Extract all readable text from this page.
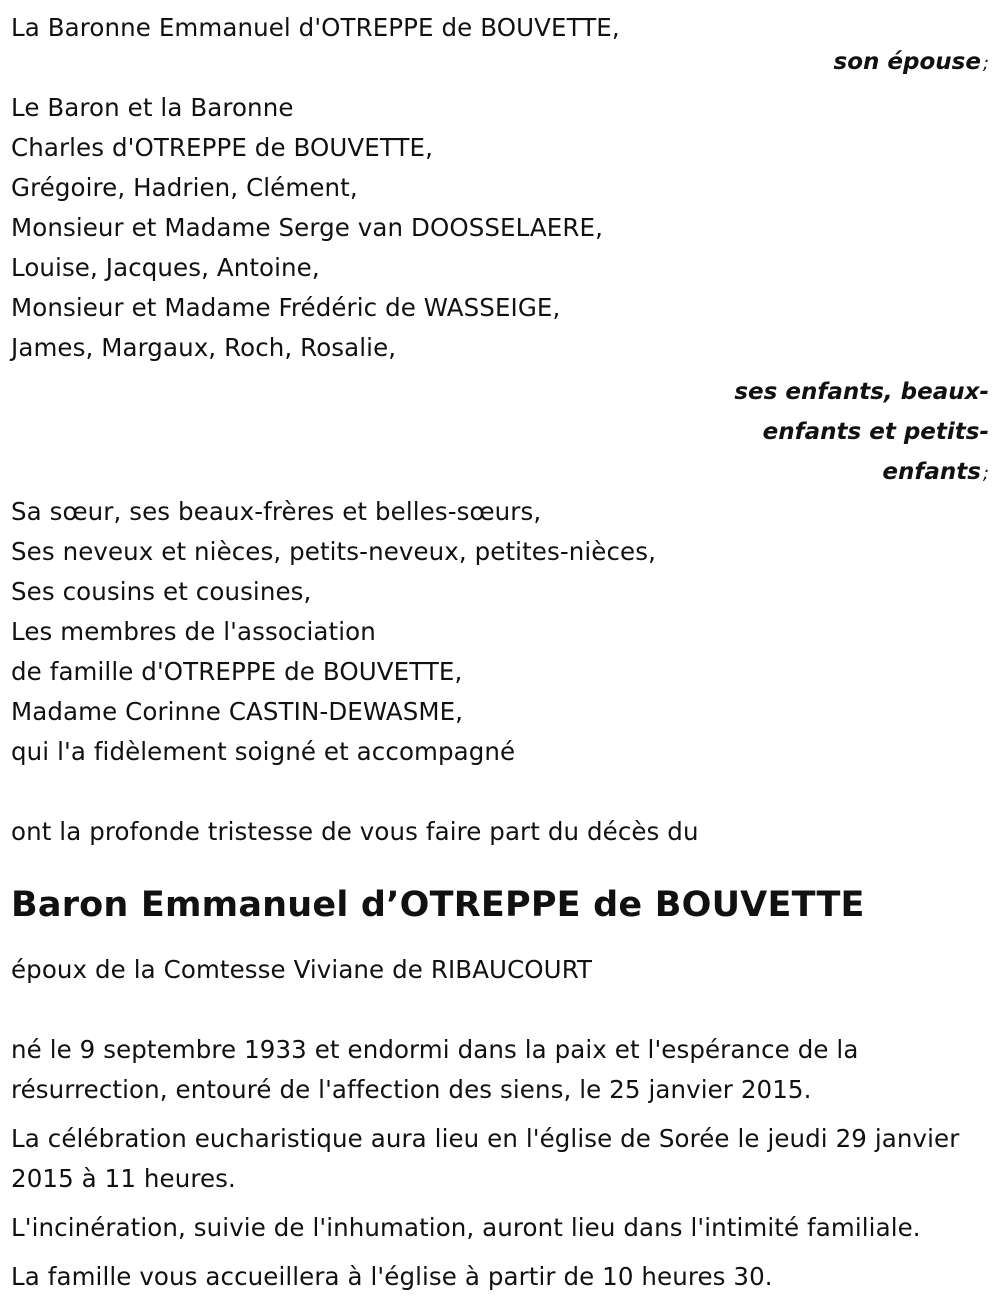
La Baronne Emmanuel d'OTREPPE de BOUVETTE,
son épouse ;
Le Baron et la Baronne
Charles d'OTREPPE de BOUVETTE,
Grégoire, Hadrien, Clément,
Monsieur et Madame Serge van DOOSSELAERE,
Louise, Jacques, Antoine,
Monsieur et Madame Frédéric de WASSEIGE,
James, Margaux, Roch, Rosalie,
ses enfants, beaux-
enfants et petits-
enfants ;
Sa sœur, ses beaux-frères et belles-sœurs,
Ses neveux et nièces, petits-neveux, petites-nièces,
Ses cousins et cousines,
Les membres de l'association
de famille d'OTREPPE de BOUVETTE,
Madame Corinne CASTIN-DEWASME,
qui l'a fidèlement soigné et accompagné
ont la profonde tristesse de vous faire part du décès du
Baron Emmanuel d’OTREPPE de BOUVETTE
époux de la Comtesse Viviane de RIBAUCOURT
né le 9 septembre 1933 et endormi dans la paix et l'espérance de la résurrection, entouré de l'affection des siens, le 25 janvier 2015.
La célébration eucharistique aura lieu en l'église de Sorée le jeudi 29 janvier 2015 à 11 heures.
L'incinération, suivie de l'inhumation, auront lieu dans l'intimité familiale.
La famille vous accueillera à l'église à partir de 10 heures 30.
